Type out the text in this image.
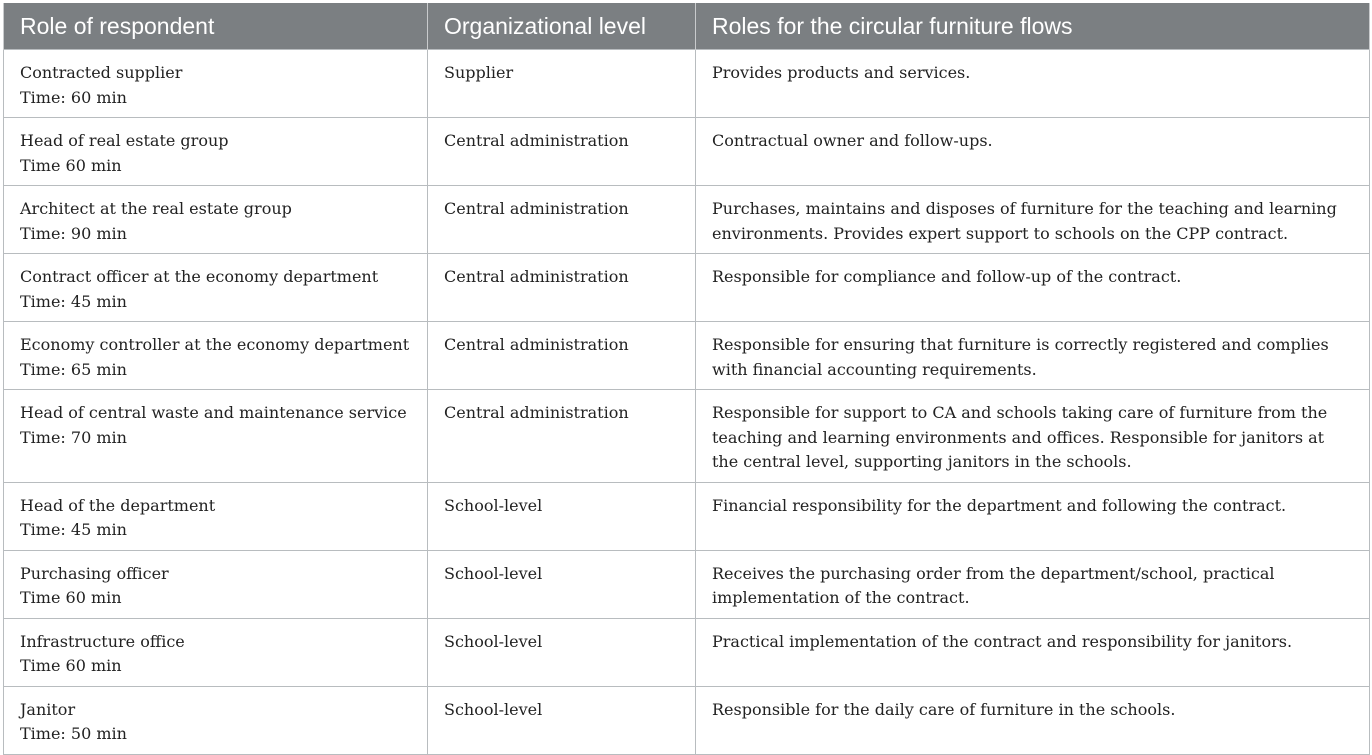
Role of respondent	Organizational level	Roles for the circular furniture flows

Contracted supplier
Time: 60 min	Supplier	Provides products and services.

Head of real estate group
Time 60 min	Central administration	Contractual owner and follow-ups.

Architect at the real estate group
Time: 90 min	Central administration	Purchases, maintains and disposes of furniture for the teaching and learning environments. Provides expert support to schools on the CPP contract.

Contract officer at the economy department
Time: 45 min	Central administration	Responsible for compliance and follow-up of the contract.

Economy controller at the economy department
Time: 65 min	Central administration	Responsible for ensuring that furniture is correctly registered and complies with financial accounting requirements.

Head of central waste and maintenance service
Time: 70 min	Central administration	Responsible for support to CA and schools taking care of furniture from the teaching and learning environments and offices. Responsible for janitors at the central level, supporting janitors in the schools.

Head of the department
Time: 45 min	School-level	Financial responsibility for the department and following the contract.

Purchasing officer
Time 60 min	School-level	Receives the purchasing order from the department/school, practical implementation of the contract.

Infrastructure office
Time 60 min	School-level	Practical implementation of the contract and responsibility for janitors.

Janitor
Time: 50 min	School-level	Responsible for the daily care of furniture in the schools.
